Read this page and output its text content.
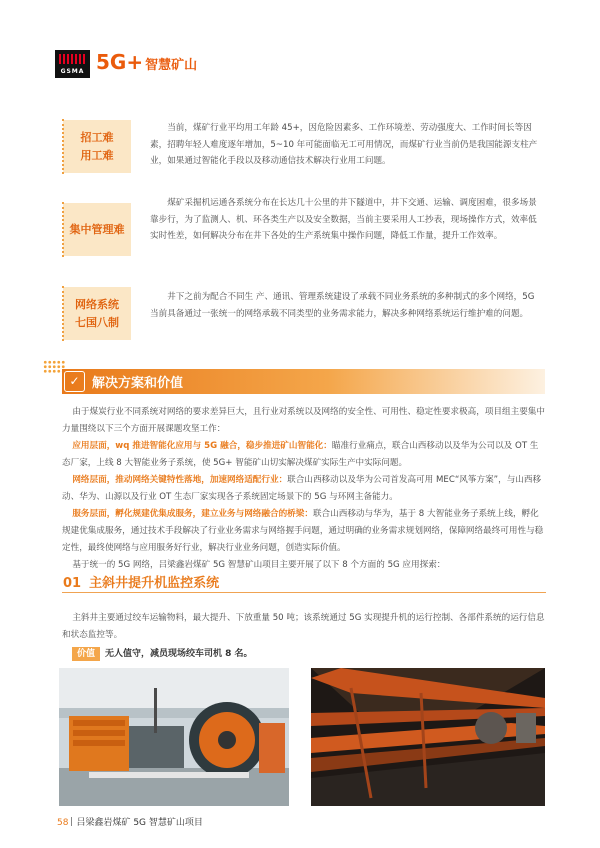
GSMA 5G+ 智慧矿山
招工难
用工难
当前，煤矿行业平均用工年龄 45+，因危险因素多、工作环境差、劳动强度大、工作时间长等因素，招聘年轻人难度逐年增加，5~10 年可能面临无工可用情况，而煤矿行业当前仍是我国能源支柱产业，如果通过智能化手段以及移动通信技术解决行业用工问题。
集中管理难
煤矿采掘机运通各系统分布在长达几十公里的井下隧道中，井下交通、运输、调度困难，很多场景靠步行，为了监测人、机、环各类生产以及安全数据，当前主要采用人工抄表，现场操作方式，效率低实时性差，如何解决分布在井下各处的生产系统集中操作问题，降低工作量，提升工作效率。
网络系统
七国八制
井下之前为配合不同生 产、通讯、管理系统建设了承载不同业务系统的多种制式的多个网络，5G 当前具备通过一张统一的网络承载不同类型的业务需求能力，解决多种网络系统运行维护难的问题。
✓ 解决方案和价值

由于煤炭行业不同系统对网络的要求差异巨大，且行业对系统以及网络的安全性、可用性、稳定性要求极高，项目组主要集中力量围绕以下三个方面开展课题攻坚工作：

应用层面，wq 推进智能化应用与 5G 融合，稳步推进矿山智能化：瞄准行业痛点，联合山西移动以及华为公司以及 OT 生态厂家，上线 8 大智能业务子系统，使 5G+ 智能矿山切实解决煤矿实际生产中实际问题。

网络层面，推动网络关键特性落地，加速网络适配行业：联合山西移动以及华为公司首发高可用 MEC“风筝方案”，与山西移动、华为、山源以及行业 OT 生态厂家实现各子系统固定场景下的 5G 与环网主备能力。

服务层面，孵化规建优集成服务，建立业务与网络融合的桥梁：联合山西移动与华为，基于 8 大智能业务子系统上线，孵化规建优集成服务，通过技术手段解决了行业业务需求与网络握手问题，通过明确的业务需求规划网络，保障网络最终可用性与稳定性，最终使网络与应用服务好行业，解决行业业务问题，创造实际价值。

基于统一的 5G 网络，吕梁鑫岩煤矿 5G 智慧矿山项目主要开展了以下 8 个方面的 5G 应用探索：

01 主斜井提升机监控系统

主斜井主要通过绞车运输物料，最大提升、下放重量 50 吨；该系统通过 5G 实现提升机的运行控制、各部件系统的运行信息和状态监控等。

价值 无人值守，减员现场绞车司机 8 名。
58 吕梁鑫岩煤矿 5G 智慧矿山项目
